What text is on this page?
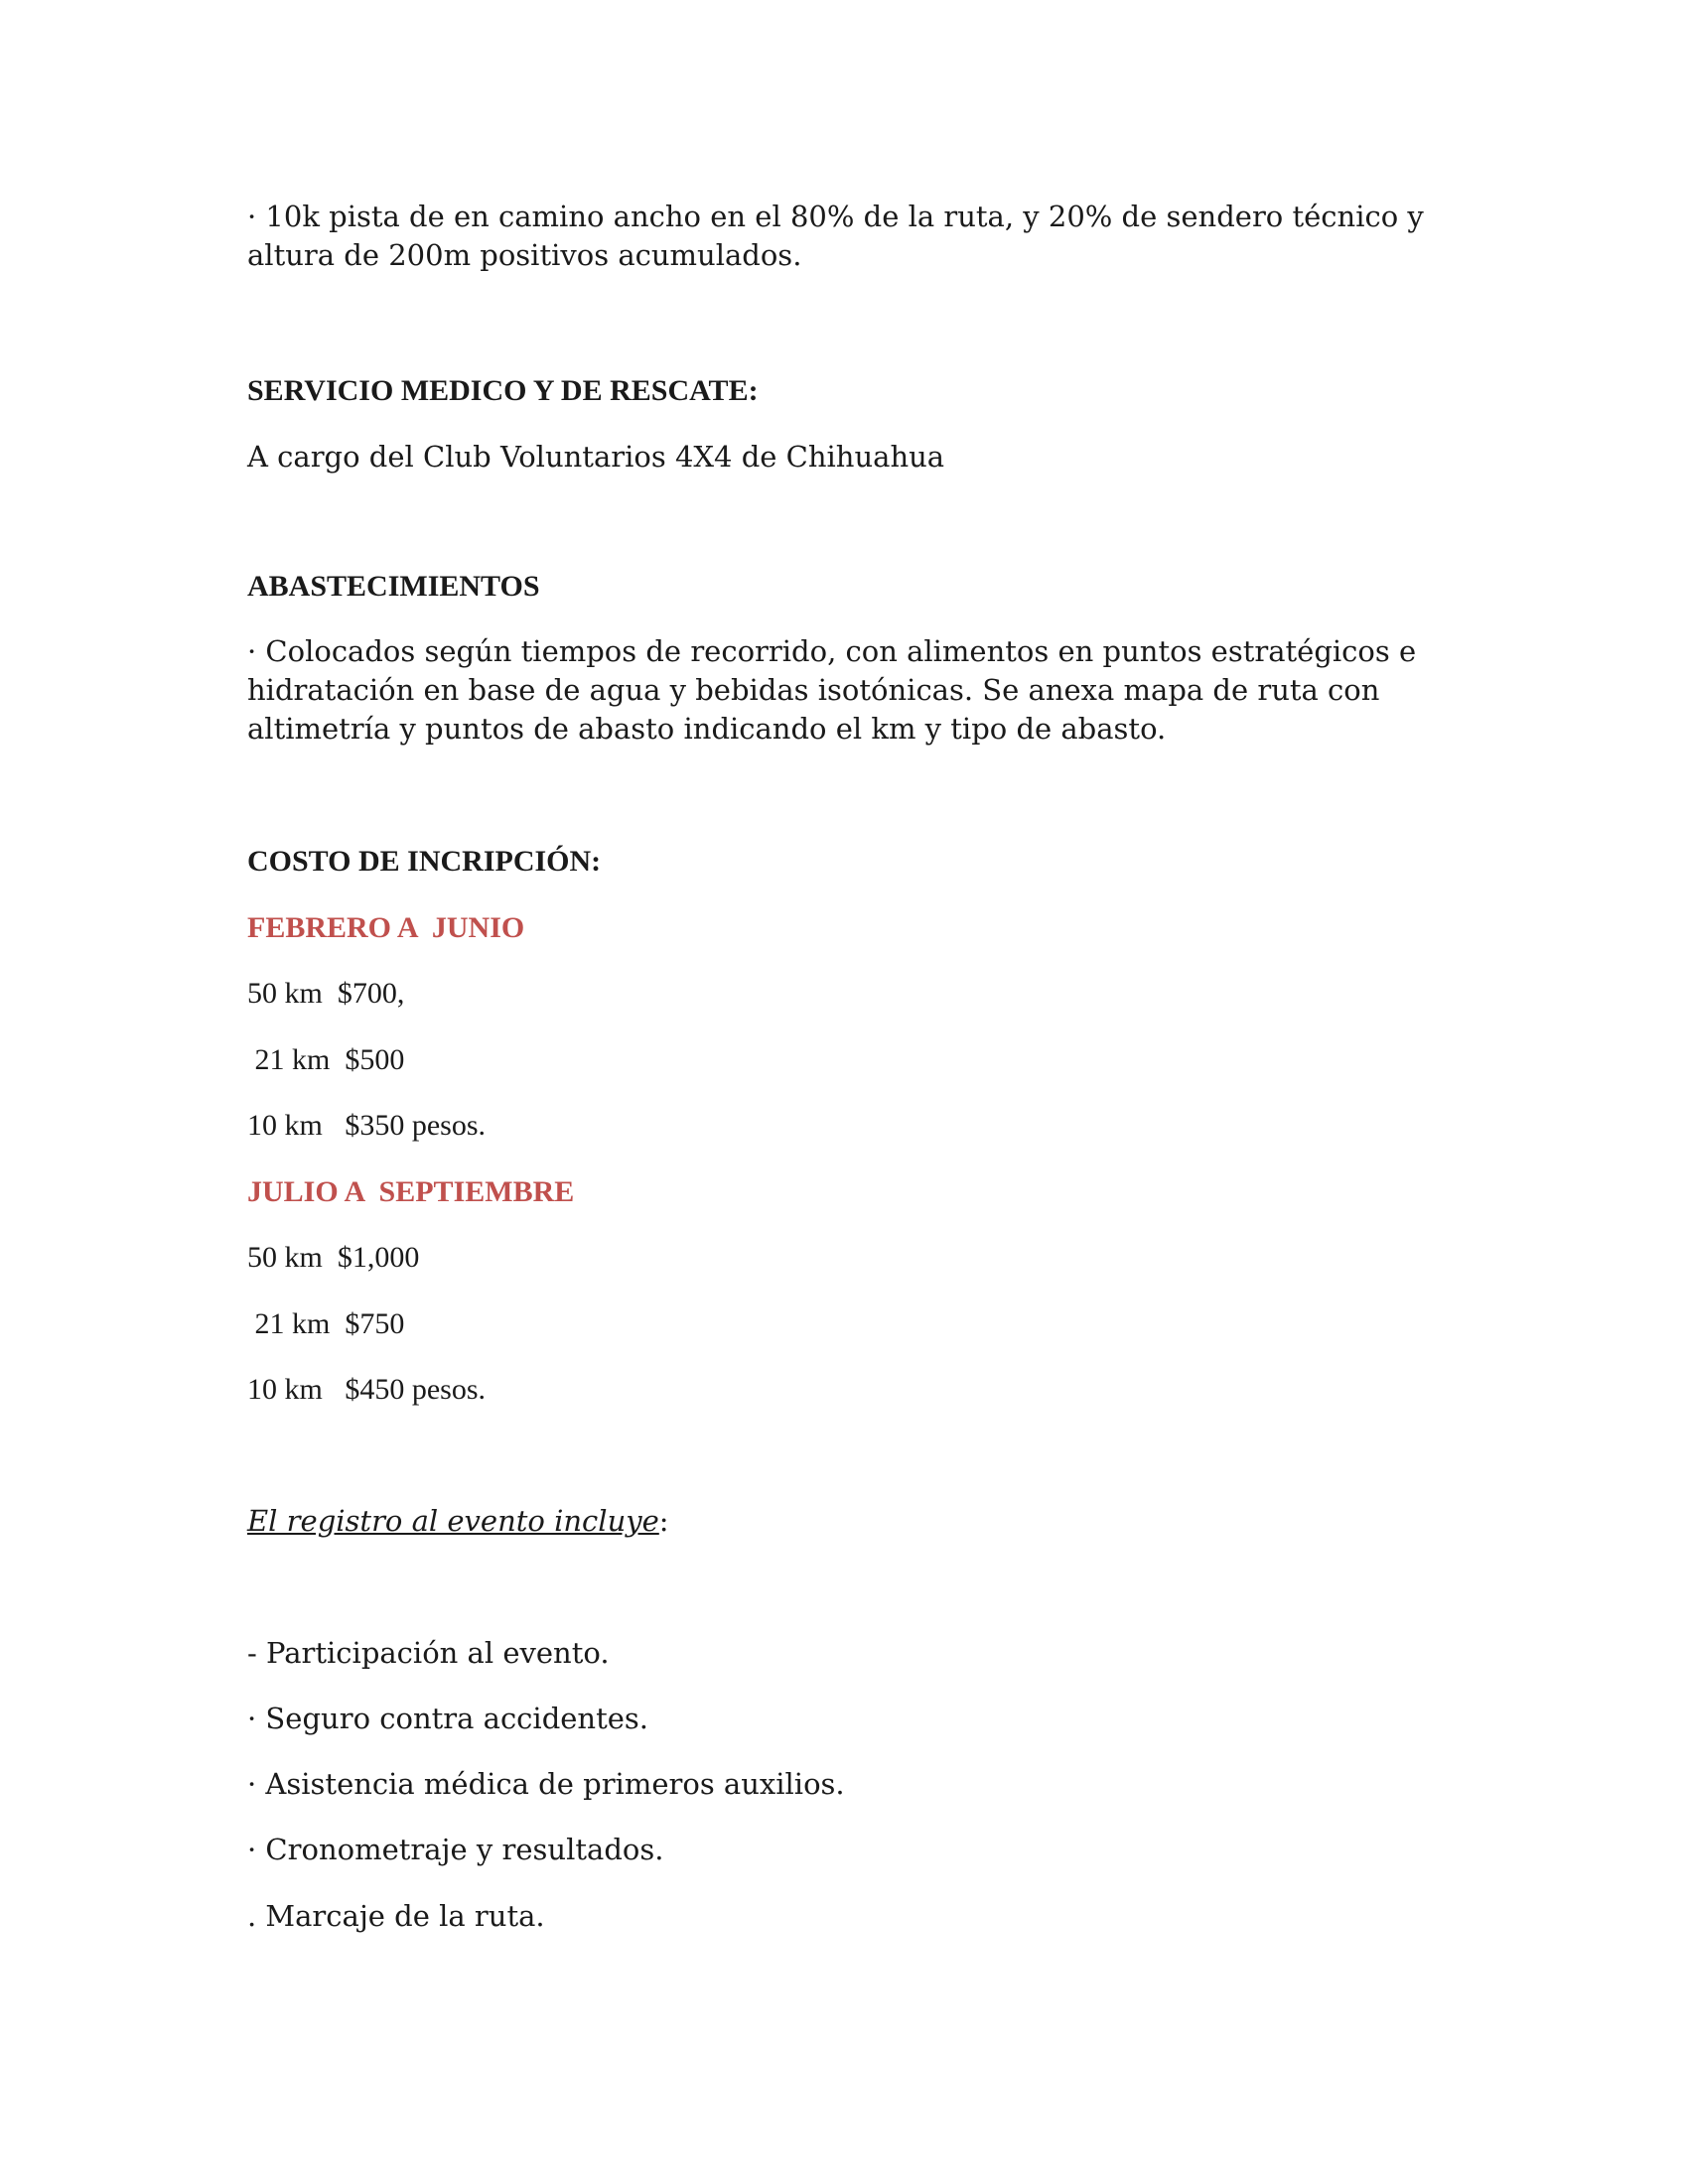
· 10k pista de en camino ancho en el 80% de la ruta, y 20% de sendero técnico y
altura de 200m positivos acumulados.

SERVICIO MEDICO Y DE RESCATE:

A cargo del Club Voluntarios 4X4 de Chihuahua

ABASTECIMIENTOS

· Colocados según tiempos de recorrido, con alimentos en puntos estratégicos e
hidratación en base de agua y bebidas isotónicas. Se anexa mapa de ruta con
altimetría y puntos de abasto indicando el km y tipo de abasto.

COSTO DE INCRIPCIÓN:

FEBRERO A  JUNIO

50 km  $700,

21 km  $500

10 km   $350 pesos.

JULIO A  SEPTIEMBRE

50 km  $1,000

21 km  $750

10 km   $450 pesos.

El registro al evento incluye:

- Participación al evento.

· Seguro contra accidentes.

· Asistencia médica de primeros auxilios.

· Cronometraje y resultados.

. Marcaje de la ruta.
